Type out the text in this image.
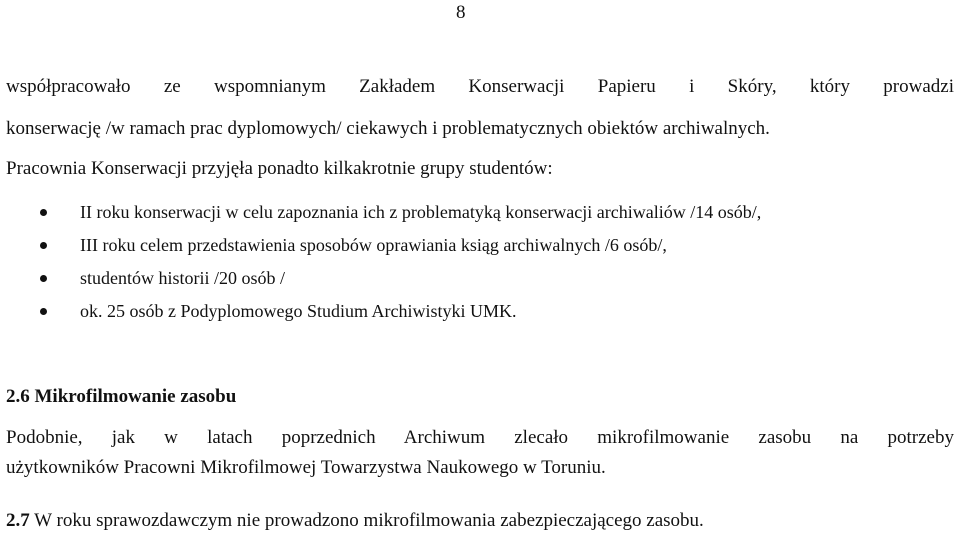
8
współpracowało ze wspomnianym Zakładem Konserwacji Papieru i Skóry, który prowadzi
konserwację /w ramach prac dyplomowych/ ciekawych i problematycznych obiektów archiwalnych.
Pracownia Konserwacji przyjęła ponadto kilkakrotnie grupy studentów:
II roku konserwacji w celu zapoznania ich z problematyką konserwacji archiwaliów /14 osób/,
III roku celem przedstawienia sposobów oprawiania ksiąg archiwalnych /6 osób/,
studentów historii /20 osób /
ok. 25 osób z Podyplomowego Studium Archiwistyki UMK.
2.6 Mikrofilmowanie zasobu
Podobnie, jak w latach poprzednich Archiwum zlecało mikrofilmowanie zasobu na potrzeby
użytkowników Pracowni Mikrofilmowej Towarzystwa Naukowego w Toruniu.
2.7 W roku sprawozdawczym nie prowadzono mikrofilmowania zabezpieczającego zasobu.
